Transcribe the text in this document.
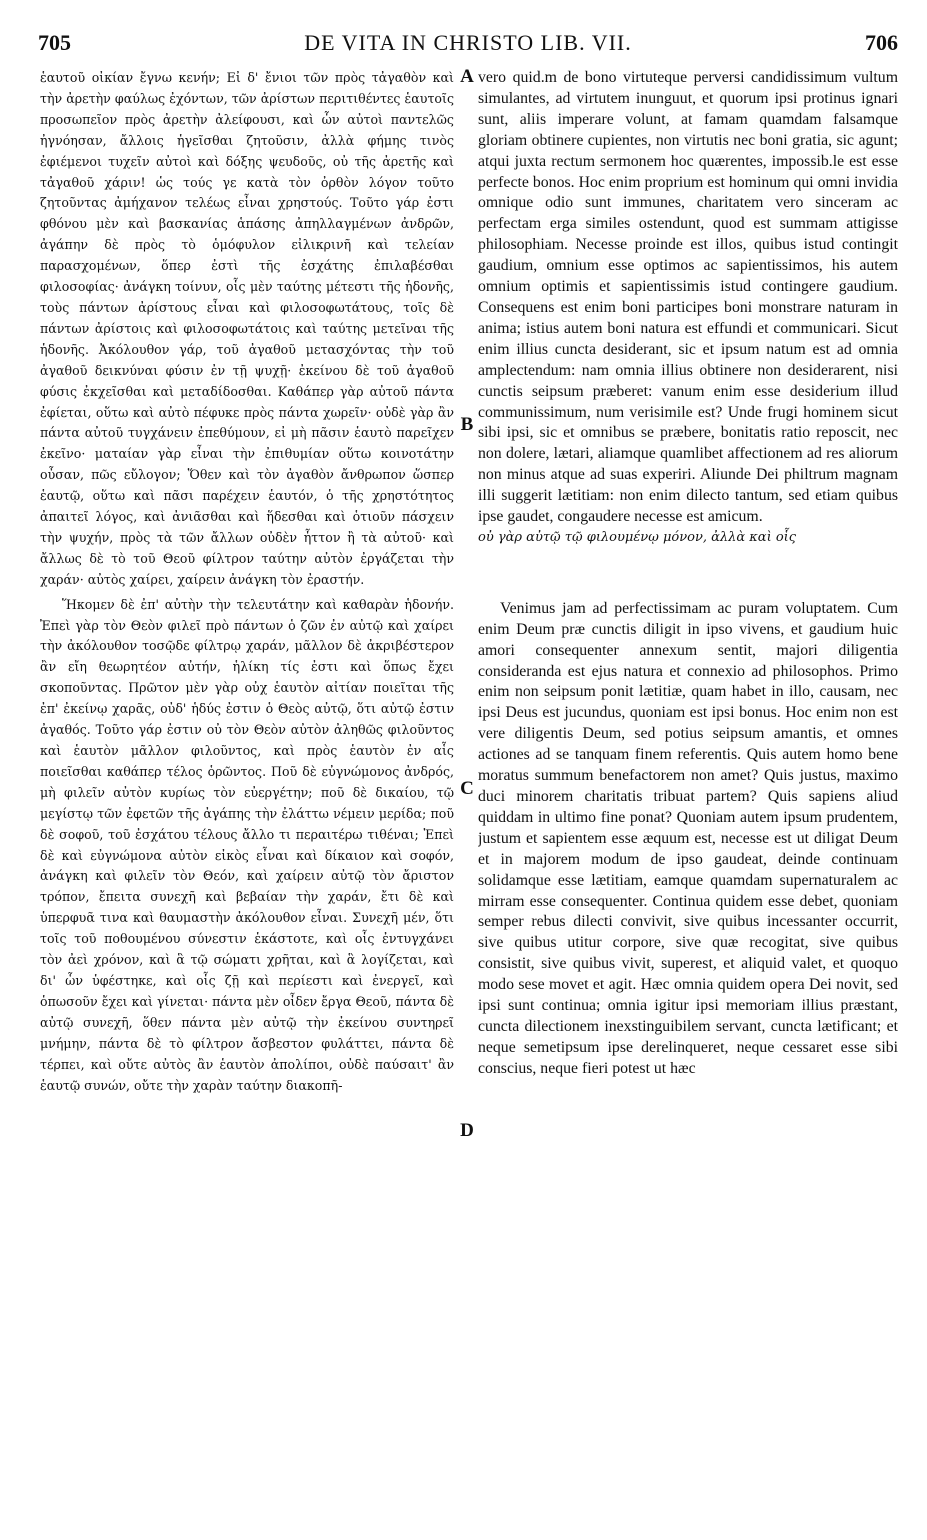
705	DE VITA IN CHRISTO LIB. VII.	706

ἑαυτοῦ οἰκίαν ἔγνω κενήν; Εἰ δ' ἔνιοι τῶν πρὸς τἀγαθὸν καὶ τὴν ἀρετὴν φαύλως ἐχόντων, τῶν ἀρίστων περιτιθέντες ἑαυτοῖς προσωπεῖον πρὸς ἀρετὴν ἀλείφουσι, καὶ ὧν αὐτοὶ παντελῶς ἠγνόησαν, ἄλλοις ἡγεῖσθαι ζητοῦσιν, ἀλλὰ φήμης τινὸς ἐφιέμενοι τυχεῖν αὐτοὶ καὶ δόξης ψευδοῦς, οὐ τῆς ἀρετῆς καὶ τἀγαθοῦ χάριν! ὡς τούς γε κατὰ τὸν ὀρθὸν λόγον τοῦτο ζητοῦντας ἀμήχανον τελέως εἶναι χρηστούς. Τοῦτο γάρ ἐστι φθόνου μὲν καὶ βασκανίας ἁπάσης ἀπηλλαγμένων ἀνδρῶν, ἀγάπην δὲ πρὸς τὸ ὁμόφυλον εἰλικρινῆ καὶ τελείαν παρασχομένων, ὅπερ ἐστὶ τῆς ἐσχάτης ἐπιλαβέσθαι φιλοσοφίας· ἀνάγκη τοίνυν, οἷς μὲν ταύτης μέτεστι τῆς ἡδονῆς, τοὺς πάντων ἀρίστους εἶναι καὶ φιλοσοφωτάτους, τοῖς δὲ πάντων ἀρίστοις καὶ φιλοσοφωτάτοις καὶ ταύτης μετεῖναι τῆς ἡδονῆς. Ἀκόλουθον γάρ, τοῦ ἀγαθοῦ μετασχόντας τὴν τοῦ ἀγαθοῦ δεικνύναι φύσιν ἐν τῇ ψυχῇ· ἐκείνου δὲ τοῦ ἀγαθοῦ φύσις ἐκχεῖσθαι καὶ μεταδίδοσθαι. Καθάπερ γὰρ αὐτοῦ πάντα ἐφίεται, οὕτω καὶ αὐτὸ πέφυκε πρὸς πάντα χωρεῖν· οὐδὲ γὰρ ἂν πάντα αὐτοῦ τυγχάνειν ἐπεθύμουν, εἰ μὴ πᾶσιν ἑαυτὸ παρεῖχεν ἐκεῖνο· ματαίαν γὰρ εἶναι τὴν ἐπιθυμίαν οὕτω κοινοτάτην οὖσαν, πῶς εὔλογον; Ὅθεν καὶ τὸν ἀγαθὸν ἄνθρωπον ὥσπερ ἑαυτῷ, οὕτω καὶ πᾶσι παρέχειν ἑαυτόν, ὁ τῆς χρηστότητος ἀπαιτεῖ λόγος, καὶ ἀνιᾶσθαι καὶ ἥδεσθαι καὶ ὁτιοῦν πάσχειν τὴν ψυχήν, πρὸς τὰ τῶν ἄλλων οὐδὲν ἧττον ἢ τὰ αὐτοῦ· καὶ ἄλλως δὲ τὸ τοῦ Θεοῦ φίλτρον ταύτην αὐτὸν ἐργάζεται τὴν χαράν· αὐτὸς χαίρει, χαίρειν ἀνάγκη τὸν ἐραστήν.

Ἥκομεν δὲ ἐπ' αὐτὴν τὴν τελευτάτην καὶ καθαρὰν ἡδονήν. Ἐπεὶ γὰρ τὸν Θεὸν φιλεῖ πρὸ πάντων ὁ ζῶν ἐν αὐτῷ καὶ χαίρει τὴν ἀκόλουθον τοσῷδε φίλτρῳ χαράν, μᾶλλον δὲ ἀκριβέστερον ἂν εἴη θεωρητέον αὐτήν, ἡλίκη τίς ἐστι καὶ ὅπως ἔχει σκοποῦντας. Πρῶτον μὲν γὰρ οὐχ ἑαυτὸν αἰτίαν ποιεῖται τῆς ἐπ' ἐκείνῳ χαρᾶς, οὐδ' ἡδύς ἐστιν ὁ Θεὸς αὐτῷ, ὅτι αὐτῷ ἐστιν ἀγαθός. Τοῦτο γάρ ἐστιν οὐ τὸν Θεὸν αὐτὸν ἀληθῶς φιλοῦντος καὶ ἑαυτὸν μᾶλλον φιλοῦντος, καὶ πρὸς ἑαυτὸν ἐν αἷς ποιεῖσθαι καθάπερ τέλος ὁρῶντος. Ποῦ δὲ εὐγνώμονος ἀνδρός, μὴ φιλεῖν αὐτὸν κυρίως τὸν εὐεργέτην; ποῦ δὲ δικαίου, τῷ μεγίστῳ τῶν ἐφετῶν τῆς ἀγάπης τὴν ἐλάττω νέμειν μερίδα; ποῦ δὲ σοφοῦ, τοῦ ἐσχάτου τέλους ἄλλο τι περαιτέρω τιθέναι; Ἐπεὶ δὲ καὶ εὐγνώμονα αὐτὸν εἰκὸς εἶναι καὶ δίκαιον καὶ σοφόν, ἀνάγκη καὶ φιλεῖν τὸν Θεόν, καὶ χαίρειν αὐτῷ τὸν ἄριστον τρόπον, ἔπειτα συνεχῆ καὶ βεβαίαν τὴν χαράν, ἔτι δὲ καὶ ὑπερφυᾶ τινα καὶ θαυμαστὴν ἀκόλουθον εἶναι. Συνεχῆ μέν, ὅτι τοῖς τοῦ ποθουμένου σύνεστιν ἑκάστοτε, καὶ οἷς ἐντυγχάνει τὸν ἀεὶ χρόνον, καὶ ἃ τῷ σώματι χρῆται, καὶ ἃ λογίζεται, καὶ δι' ὧν ὑφέστηκε, καὶ οἷς ζῇ καὶ περίεστι καὶ ἐνεργεῖ, καὶ ὁπωσοῦν ἔχει καὶ γίνεται· πάντα μὲν οἶδεν ἔργα Θεοῦ, πάντα δὲ αὐτῷ συνεχῆ, ὅθεν πάντα μὲν αὐτῷ τὴν ἐκείνου συντηρεῖ μνήμην, πάντα δὲ τὸ φίλτρον ἄσβεστον φυλάττει, πάντα δὲ τέρπει, καὶ οὔτε αὐτὸς ἂν ἑαυτὸν ἀπολίποι, οὐδὲ παύσαιτ' ἂν ἑαυτῷ συνών, οὔτε τὴν χαρὰν ταύτην διακοπῆ-

A
B
C
D

vero quid.m de bono virtuteque perversi candidissimum vultum simulantes, ad virtutem inunguut, et quorum ipsi protinus ignari sunt, aliis imperare volunt, at famam quamdam falsamque gloriam obtinere cupientes, non virtutis nec boni gratia, sic agunt; atqui juxta rectum sermonem hoc quærentes, impossib.le est esse perfecte bonos. Hoc enim proprium est hominum qui omni invidia omnique odio sunt immunes, charitatem vero sinceram ac perfectam erga similes ostendunt, quod est summam attigisse philosophiam. Necesse proinde est illos, quibus istud contingit gaudium, omnium esse optimos ac sapientissimos, his autem omnium optimis et sapientissimis istud contingere gaudium. Consequens est enim boni participes boni monstrare naturam in anima; istius autem boni natura est effundi et communicari. Sicut enim illius cuncta desiderant, sic et ipsum natum est ad omnia amplectendum: nam omnia illius obtinere non desiderarent, nisi cunctis seipsum præberet: vanum enim esse desiderium illud communissimum, num verisimile est? Unde frugi hominem sicut sibi ipsi, sic et omnibus se præbere, bonitatis ratio reposcit, nec non dolere, lætari, aliamque quamlibet affectionem ad res aliorum non minus atque ad suas experiri. Aliunde Dei philtrum magnam illi suggerit lætitiam: non enim dilecto tantum, sed etiam quibus ipse gaudet, congaudere necesse est amicum.

οὐ γὰρ αὐτῷ τῷ φιλουμένῳ μόνον, ἀλλὰ καὶ οἷς

Venimus jam ad perfectissimam ac puram voluptatem. Cum enim Deum præ cunctis diligit in ipso vivens, et gaudium huic amori consequenter annexum sentit, majori diligentia consideranda est ejus natura et connexio ad philosophos. Primo enim non seipsum ponit lætitiæ, quam habet in illo, causam, nec ipsi Deus est jucundus, quoniam est ipsi bonus. Hoc enim non est vere diligentis Deum, sed potius seipsum amantis, et omnes actiones ad se tanquam finem referentis. Quis autem homo bene moratus summum benefactorem non amet? Quis justus, maximo duci minorem charitatis tribuat partem? Quis sapiens aliud quiddam in ultimo fine ponat? Quoniam autem ipsum prudentem, justum et sapientem esse æquum est, necesse est ut diligat Deum et in majorem modum de ipso gaudeat, deinde continuam solidamque esse lætitiam, eamque quamdam supernaturalem ac mirram esse consequenter. Continua quidem esse debet, quoniam semper rebus dilecti convivit, sive quibus incessanter occurrit, sive quibus utitur corpore, sive quæ recogitat, sive quibus consistit, sive quibus vivit, superest, et aliquid valet, et quoquo modo sese movet et agit. Hæc omnia quidem opera Dei novit, sed ipsi sunt continua; omnia igitur ipsi memoriam illius præstant, cuncta dilectionem inexstinguibilem servant, cuncta lætificant; et neque semetipsum ipse derelinqueret, neque cessaret esse sibi conscius, neque fieri potest ut hæc
